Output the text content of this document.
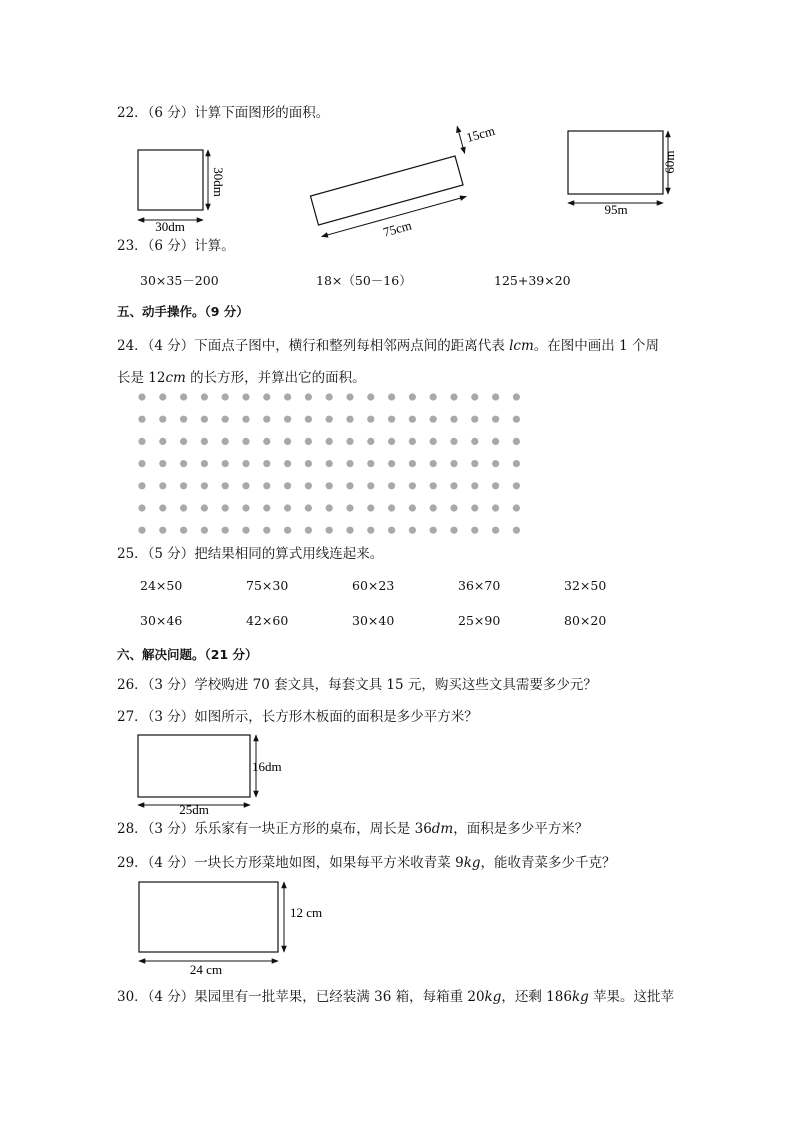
22．（6 分）计算下面图形的面积。
30dm
30dm	75cm
15cm
60m
95m
23．（6 分）计算。
30×35－200	18×（50－16）	125+39×20
五、动手操作。（9 分）
24．（4 分）下面点子图中，横行和整列每相邻两点间的距离代表 lcm。在图中画出 1 个周
长是 12cm 的长方形，并算出它的面积。
25．（5 分）把结果相同的算式用线连起来。
24×50	75×30	60×23	36×70	32×50
30×46	42×60	30×40	25×90	80×20
六、解决问题。（21 分）
26．（3 分）学校购进 70 套文具，每套文具 15 元，购买这些文具需要多少元？
27．（3 分）如图所示，长方形木板面的面积是多少平方米？
16dm
25dm
28．（3 分）乐乐家有一块正方形的桌布，周长是 36dm，面积是多少平方米？
29．（4 分）一块长方形菜地如图，如果每平方米收青菜 9kg，能收青菜多少千克？
12 cm
24 cm
30．（4 分）果园里有一批苹果，已经装满 36 箱，每箱重 20kg，还剩 186kg 苹果。这批苹
